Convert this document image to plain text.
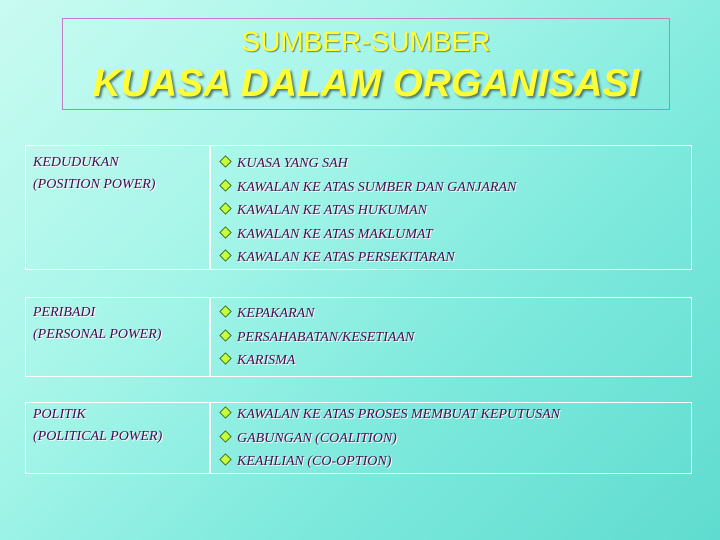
SUMBER-SUMBER
KUASA DALAM ORGANISASI
KEDUDUKAN
(POSITION POWER)
KUASA YANG SAH
KAWALAN KE ATAS SUMBER DAN GANJARAN
KAWALAN KE ATAS HUKUMAN
KAWALAN KE ATAS MAKLUMAT
KAWALAN KE ATAS PERSEKITARAN
PERIBADI
(PERSONAL POWER)
KEPAKARAN
PERSAHABATAN/KESETIAAN
KARISMA
POLITIK
(POLITICAL POWER)
KAWALAN KE ATAS PROSES MEMBUAT KEPUTUSAN
GABUNGAN (COALITION)
KEAHLIAN (CO-OPTION)
